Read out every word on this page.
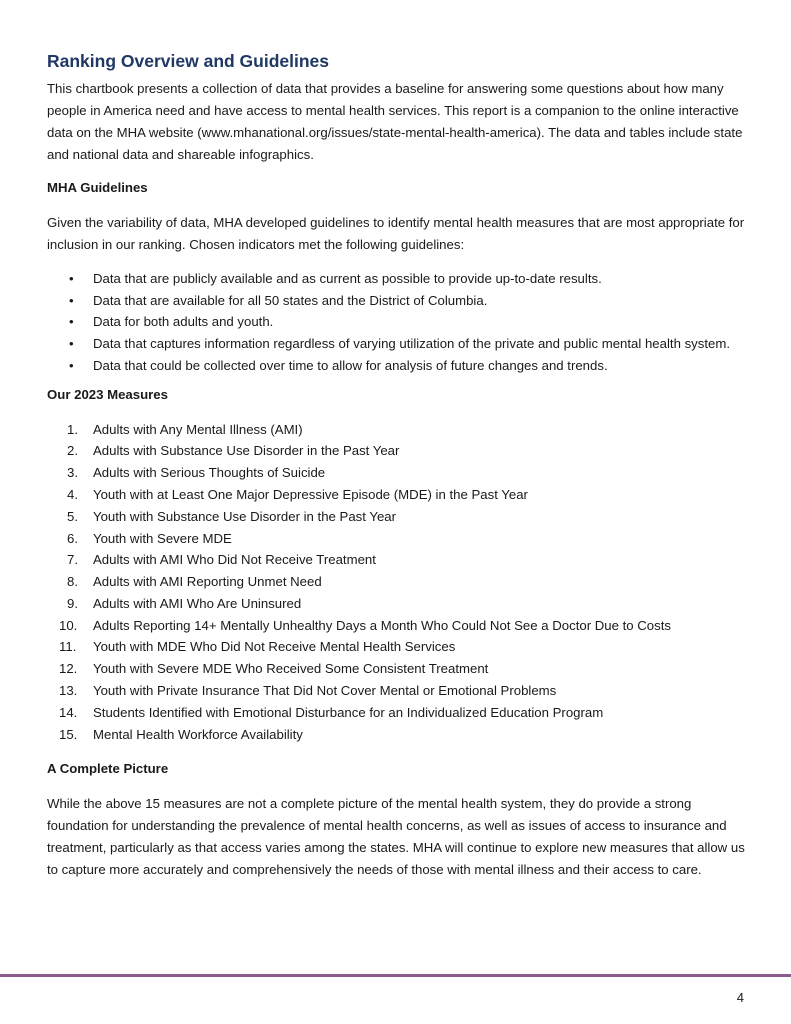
Ranking Overview and Guidelines

This chartbook presents a collection of data that provides a baseline for answering some questions about how many people in America need and have access to mental health services. This report is a companion to the online interactive data on the MHA website (www.mhanational.org/issues/state-mental-health-america). The data and tables include state and national data and shareable infographics.

MHA Guidelines

Given the variability of data, MHA developed guidelines to identify mental health measures that are most appropriate for inclusion in our ranking. Chosen indicators met the following guidelines:

• Data that are publicly available and as current as possible to provide up-to-date results.
• Data that are available for all 50 states and the District of Columbia.
• Data for both adults and youth.
• Data that captures information regardless of varying utilization of the private and public mental health system.
• Data that could be collected over time to allow for analysis of future changes and trends.

Our 2023 Measures

1.	Adults with Any Mental Illness (AMI)
2.	Adults with Substance Use Disorder in the Past Year
3.	Adults with Serious Thoughts of Suicide
4.	Youth with at Least One Major Depressive Episode (MDE) in the Past Year
5.	Youth with Substance Use Disorder in the Past Year
6.	Youth with Severe MDE
7.	Adults with AMI Who Did Not Receive Treatment
8.	Adults with AMI Reporting Unmet Need
9.	Adults with AMI Who Are Uninsured
10.	Adults Reporting 14+ Mentally Unhealthy Days a Month Who Could Not See a Doctor Due to Costs
11.	Youth with MDE Who Did Not Receive Mental Health Services
12.	Youth with Severe MDE Who Received Some Consistent Treatment
13.	Youth with Private Insurance That Did Not Cover Mental or Emotional Problems
14.	Students Identified with Emotional Disturbance for an Individualized Education Program
15.	Mental Health Workforce Availability

A Complete Picture

While the above 15 measures are not a complete picture of the mental health system, they do provide a strong foundation for understanding the prevalence of mental health concerns, as well as issues of access to insurance and treatment, particularly as that access varies among the states. MHA will continue to explore new measures that allow us to capture more accurately and comprehensively the needs of those with mental illness and their access to care.

4
